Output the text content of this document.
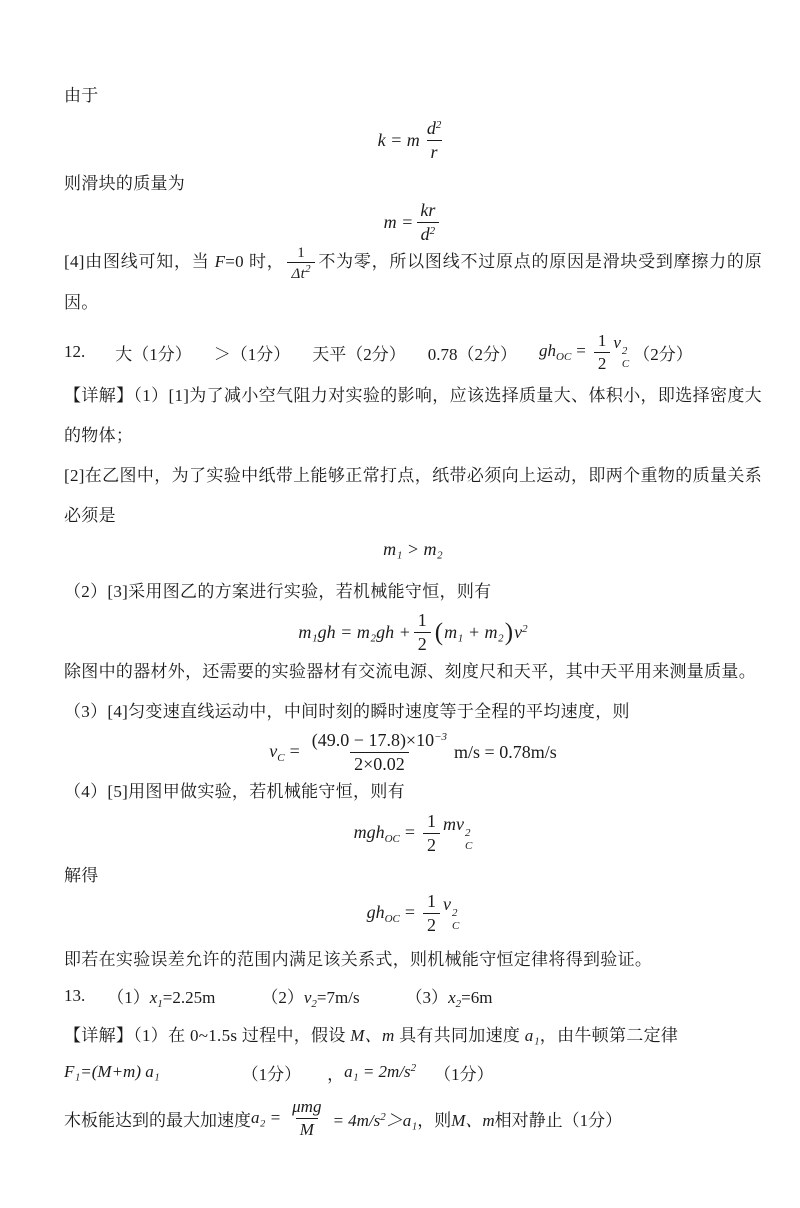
由于
k = m $\frac{d^2}{r}$
则滑块的质量为
$m = \frac{kr}{d^2}$
[4]由图线可知，当 F=0 时， $\frac{1}{\Delta t^2}$ 不为零，所以图线不过原点的原因是滑块受到摩擦力的原因。
12. 大（1分） ＞（1分） 天平（2分） 0.78（2分） $gh_{OC} = \frac{1}{2}$ v 2
C
（2分）
【详解】（1）[1]为了减小空气阻力对实验的影响，应该选择质量大、体积小，即选择密度大的物体；
[2]在乙图中，为了实验中纸带上能够正常打点，纸带必须向上运动，即两个重物的质量关系必须是
m₁ > m₂
（2）[3]采用图乙的方案进行实验，若机械能守恒，则有
$m_1gh = m_2gh + \frac{1}{2}$ ( m₁ + m₂ ) $v^2$
除图中的器材外，还需要的实验器材有交流电源、刻度尺和天平，其中天平用来测量质量。
（3）[4]匀变速直线运动中，中间时刻的瞬时速度等于全程的平均速度，则
$v_C = \frac{(49.0 - 17.8)\times 10^{-3}}{2\times 0.02} m/s = 0.78m/s$
（4）[5]用图甲做实验，若机械能守恒，则有
$mgh_{OC} = \frac{1}{2}$ mv 2
C
解得
$gh_{OC} = \frac{1}{2}$ v 2
C
即若在实验误差允许的范围内满足该关系式，则机械能守恒定律将得到验证。
13. $(1)x_1=2.25m$	$(2)v_2=7m/s$	$(3)x_2=6m$
【详解】（1）在 0~1.5s 过程中，假设 M、m 具有共同加速度 a₁，由牛顿第二定律
F₁=(M+m) a₁	（1分） ， $a_1 = 2m/s^2$ （1分）
木板能达到的最大加速度 $a_2 = \frac{\text{μmg}}{M} = 4m/s^2>a_1$ ，则 M、m 相对静止（1分）
